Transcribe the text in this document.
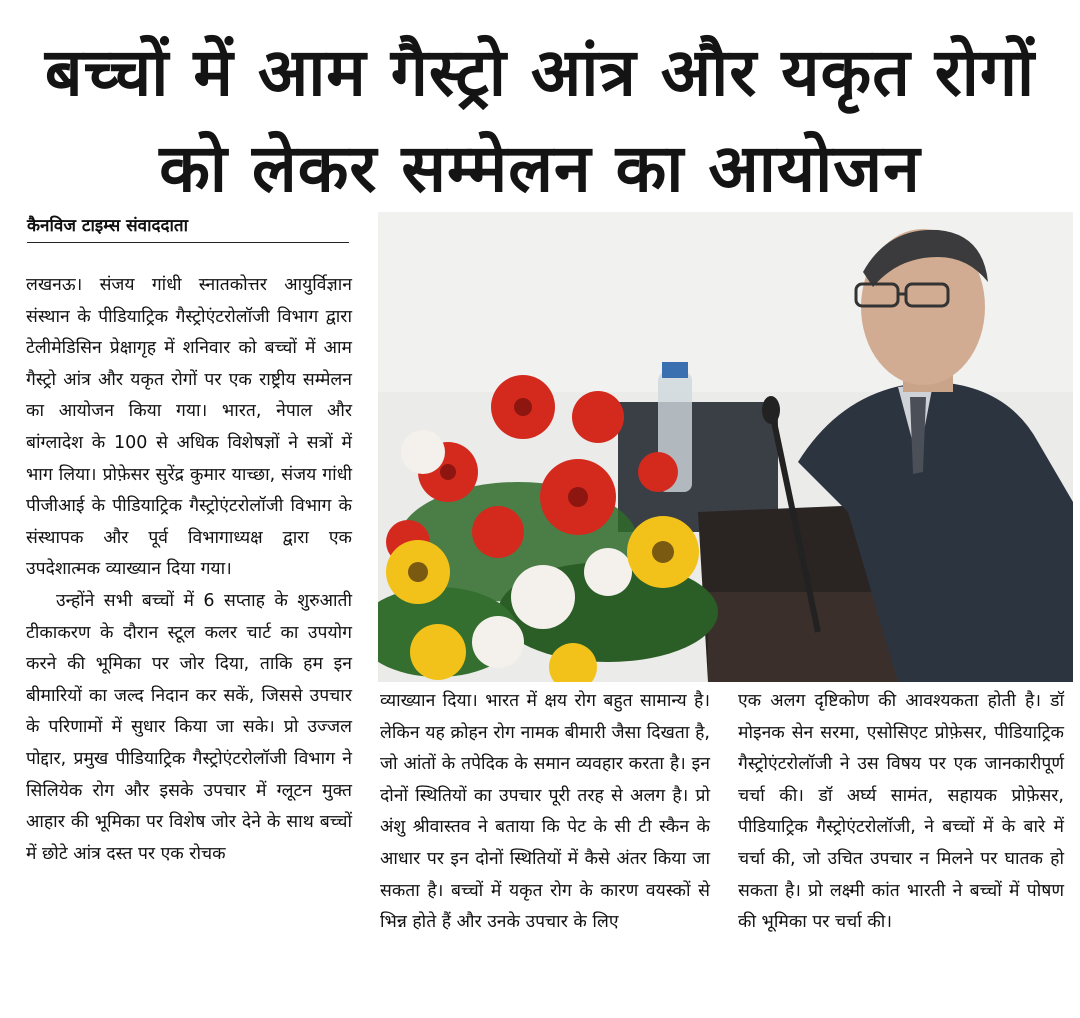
बच्चों में आम गैस्ट्रो आंत्र और यकृत रोगों
को लेकर सम्मेलन का आयोजन
कैनविज टाइम्स संवाददाता

लखनऊ। संजय गांधी स्नातकोत्तर आयुर्विज्ञान संस्थान के पीडियाट्रिक गैस्ट्रोएंटरोलॉजी विभाग द्वारा टेलीमेडिसिन प्रेक्षागृह में शनिवार को बच्चों में आम गैस्ट्रो आंत्र और यकृत रोगों पर एक राष्ट्रीय सम्मेलन का आयोजन किया गया। भारत, नेपाल और बांग्लादेश के 100 से अधिक विशेषज्ञों ने सत्रों में भाग लिया। प्रोफ़ेसर सुरेंद्र कुमार याच्छा, संजय गांधी पीजीआई के पीडियाट्रिक गैस्ट्रोएंटरोलॉजी विभाग के संस्थापक और पूर्व विभागाध्यक्ष द्वारा एक उपदेशात्मक व्याख्यान दिया गया।

उन्होंने सभी बच्चों में 6 सप्ताह के शुरुआती टीकाकरण के दौरान स्टूल कलर चार्ट का उपयोग करने की भूमिका पर जोर दिया, ताकि हम इन बीमारियों का जल्द निदान कर सकें, जिससे उपचार के परिणामों में सुधार किया जा सके। प्रो उज्जल पोद्दार, प्रमुख पीडियाट्रिक गैस्ट्रोएंटरोलॉजी विभाग ने सिलियेक रोग और इसके उपचार में ग्लूटन मुक्त आहार की भूमिका पर विशेष जोर देने के साथ बच्चों में छोटे आंत्र दस्त पर एक रोचक

व्याख्यान दिया। भारत में क्षय रोग बहुत सामान्य है। लेकिन यह क्रोहन रोग नामक बीमारी जैसा दिखता है, जो आंतों के तपेदिक के समान व्यवहार करता है। इन दोनों स्थितियों का उपचार पूरी तरह से अलग है। प्रो अंशु श्रीवास्तव ने बताया कि पेट के सी टी स्कैन के आधार पर इन दोनों स्थितियों में कैसे अंतर किया जा सकता है। बच्चों में यकृत रोग के कारण वयस्कों से भिन्न होते हैं और उनके उपचार के लिए

एक अलग दृष्टिकोण की आवश्यकता होती है। डॉ मोइनक सेन सरमा, एसोसिएट प्रोफ़ेसर, पीडियाट्रिक गैस्ट्रोएंटरोलॉजी ने उस विषय पर एक जानकारीपूर्ण चर्चा की। डॉ अर्घ्य सामंत, सहायक प्रोफ़ेसर, पीडियाट्रिक गैस्ट्रोएंटरोलॉजी, ने बच्चों में के बारे में चर्चा की, जो उचित उपचार न मिलने पर घातक हो सकता है। प्रो लक्ष्मी कांत भारती ने बच्चों में पोषण की भूमिका पर चर्चा की।
